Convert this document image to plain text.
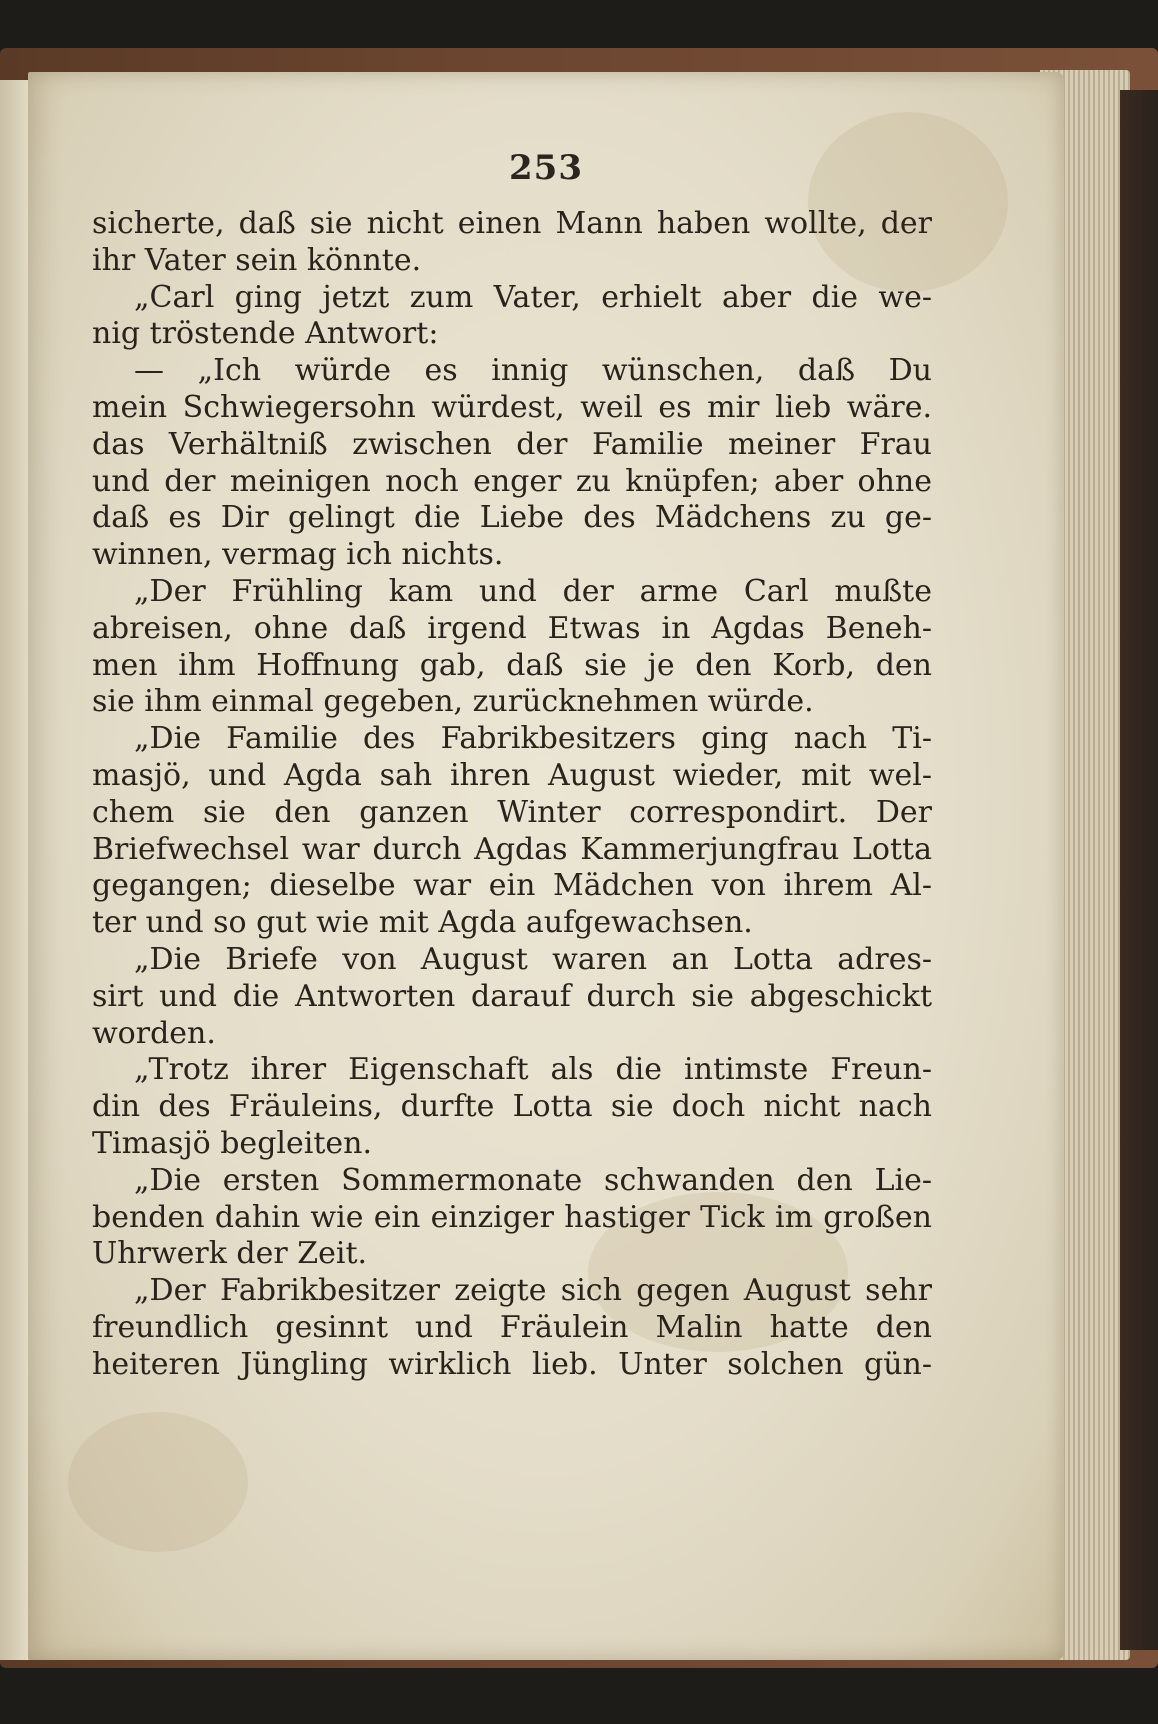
253
sicherte, daß sie nicht einen Mann haben wollte, der
ihr Vater sein könnte.
„Carl ging jetzt zum Vater, erhielt aber die we-
nig tröstende Antwort:
— „Ich würde es innig wünschen, daß Du
mein Schwiegersohn würdest, weil es mir lieb wäre.
das Verhältniß zwischen der Familie meiner Frau
und der meinigen noch enger zu knüpfen; aber ohne
daß es Dir gelingt die Liebe des Mädchens zu ge-
winnen, vermag ich nichts.
„Der Frühling kam und der arme Carl mußte
abreisen, ohne daß irgend Etwas in Agdas Beneh-
men ihm Hoffnung gab, daß sie je den Korb, den
sie ihm einmal gegeben, zurücknehmen würde.
„Die Familie des Fabrikbesitzers ging nach Ti-
masjö, und Agda sah ihren August wieder, mit wel-
chem sie den ganzen Winter correspondirt. Der
Briefwechsel war durch Agdas Kammerjungfrau Lotta
gegangen; dieselbe war ein Mädchen von ihrem Al-
ter und so gut wie mit Agda aufgewachsen.
„Die Briefe von August waren an Lotta adres-
sirt und die Antworten darauf durch sie abgeschickt
worden.
„Trotz ihrer Eigenschaft als die intimste Freun-
din des Fräuleins, durfte Lotta sie doch nicht nach
Timasjö begleiten.
„Die ersten Sommermonate schwanden den Lie-
benden dahin wie ein einziger hastiger Tick im großen
Uhrwerk der Zeit.
„Der Fabrikbesitzer zeigte sich gegen August sehr
freundlich gesinnt und Fräulein Malin hatte den
heiteren Jüngling wirklich lieb. Unter solchen gün-
